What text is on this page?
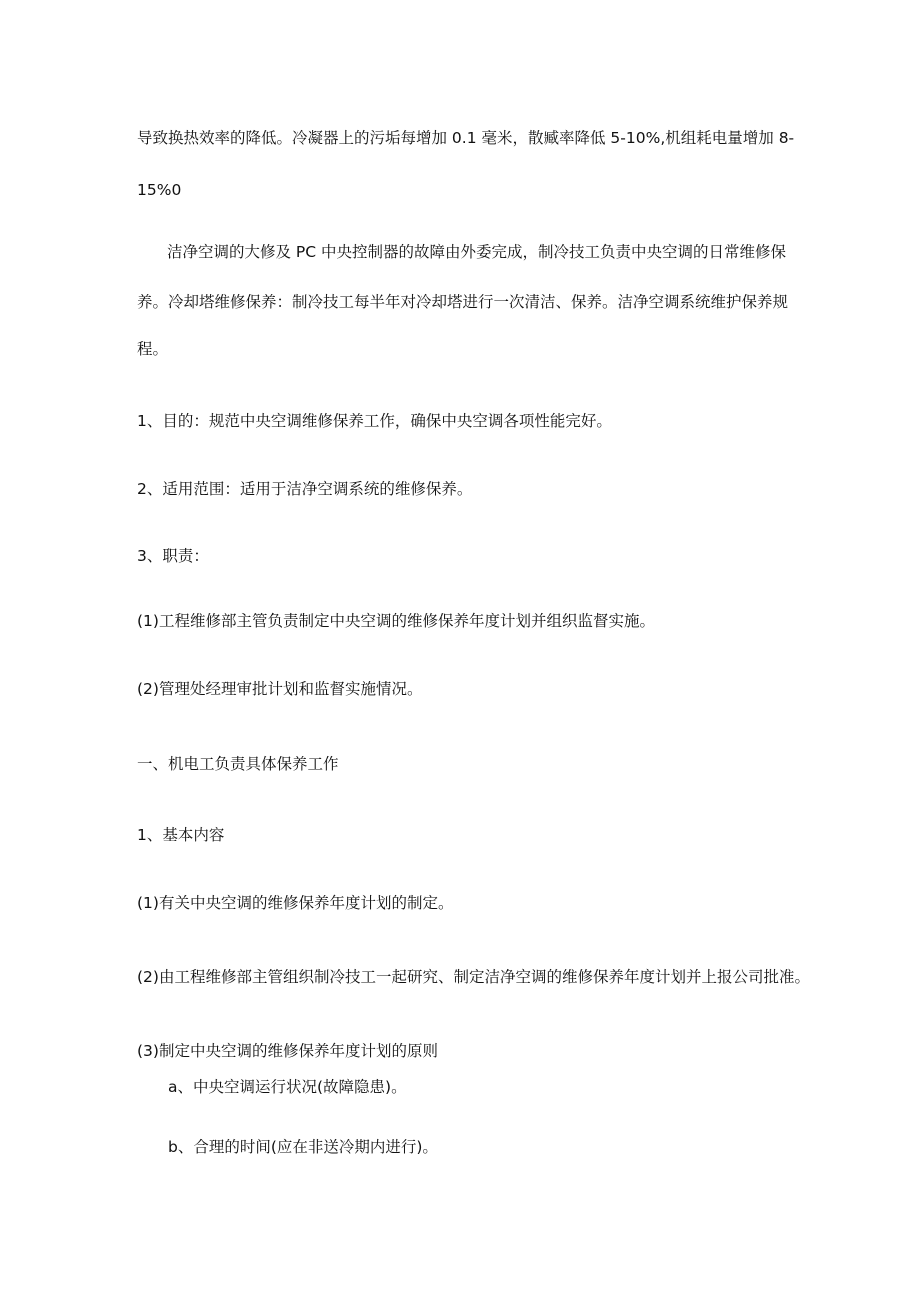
导致换热效率的降低。冷凝器上的污垢每增加 0.1 毫米，散臧率降低 5-10%,机组耗电量增加 8-
15%0
洁净空调的大修及 PC 中央控制器的故障由外委完成，制冷技工负责中央空调的日常维修保
养。冷却塔维修保养：制冷技工每半年对冷却塔进行一次清洁、保养。洁净空调系统维护保养规
程。
1、目的：规范中央空调维修保养工作，确保中央空调各项性能完好。
2、适用范围：适用于洁净空调系统的维修保养。
3、职责：
(1)工程维修部主管负责制定中央空调的维修保养年度计划并组织监督实施。
(2)管理处经理审批计划和监督实施情况。
一、机电工负责具体保养工作
1、基本内容
(1)有关中央空调的维修保养年度计划的制定。
(2)由工程维修部主管组织制冷技工一起研究、制定洁净空调的维修保养年度计划并上报公司批准。
(3)制定中央空调的维修保养年度计划的原则
a、中央空调运行状况(故障隐患)。
b、合理的时间(应在非送冷期内进行)。
